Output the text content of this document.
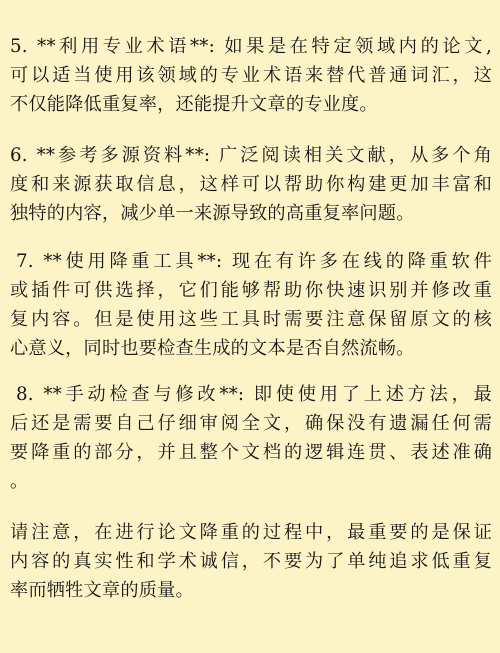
5. **利用专业术语**: 如果是在特定领域内的论文,
可以适当使用该领域的专业术语来替代普通词汇，这
不仅能降低重复率，还能提升文章的专业度。
6. **参考多源资料**: 广泛阅读相关文献，从多个角
度和来源获取信息，这样可以帮助你构建更加丰富和
独特的内容，减少单一来源导致的高重复率问题。
7. **使用降重工具**: 现在有许多在线的降重软件
或插件可供选择，它们能够帮助你快速识别并修改重
复内容。但是使用这些工具时需要注意保留原文的核
心意义，同时也要检查生成的文本是否自然流畅。
8. **手动检查与修改**: 即使使用了上述方法，最
后还是需要自己仔细审阅全文，确保没有遗漏任何需
要降重的部分，并且整个文档的逻辑连贯、表述准确
。
请注意，在进行论文降重的过程中，最重要的是保证
内容的真实性和学术诚信，不要为了单纯追求低重复
率而牺牲文章的质量。
